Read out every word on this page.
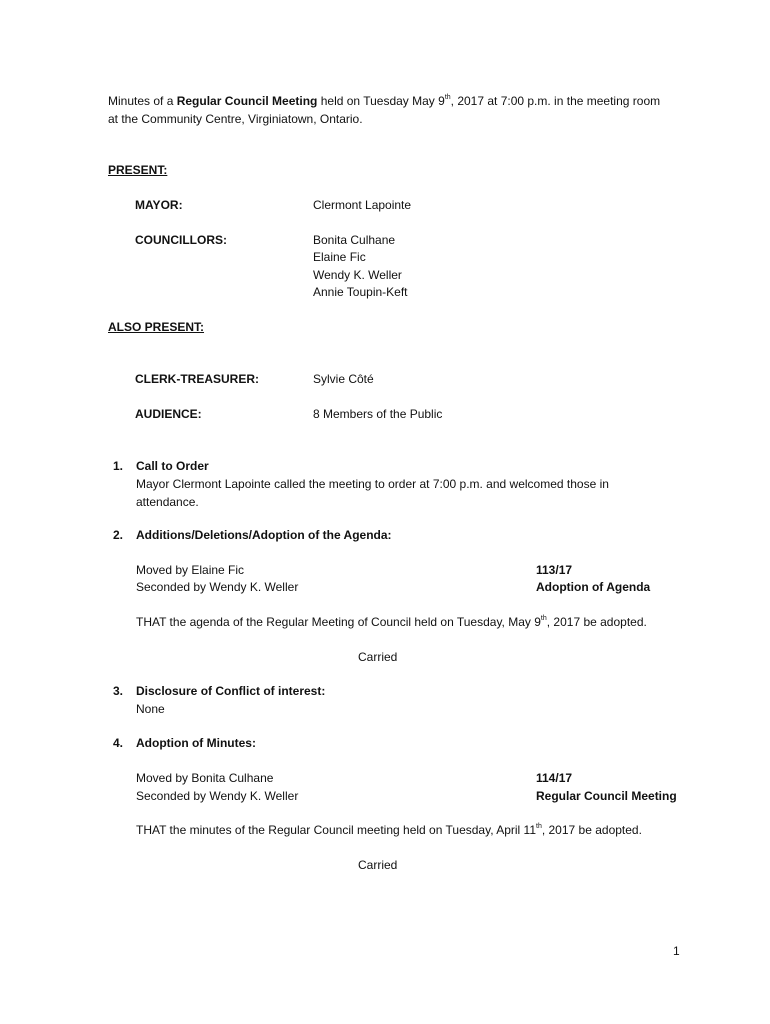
Minutes of a Regular Council Meeting held on Tuesday May 9th, 2017 at 7:00 p.m. in the meeting room at the Community Centre, Virginiatown, Ontario.
PRESENT:
MAYOR:	Clermont Lapointe
COUNCILLORS:	Bonita Culhane
Elaine Fic
Wendy K. Weller
Annie Toupin-Keft
ALSO PRESENT:
CLERK-TREASURER:	Sylvie Côté
AUDIENCE:	8 Members of the Public
1. Call to Order
Mayor Clermont Lapointe called the meeting to order at 7:00 p.m. and welcomed those in attendance.
2. Additions/Deletions/Adoption of the Agenda:
Moved by Elaine Fic	113/17
Seconded by Wendy K. Weller	Adoption of Agenda
THAT the agenda of the Regular Meeting of Council held on Tuesday, May 9th, 2017 be adopted.
Carried
3. Disclosure of Conflict of interest:
None
4. Adoption of Minutes:
Moved by Bonita Culhane	114/17
Seconded by Wendy K. Weller	Regular Council Meeting
THAT the minutes of the Regular Council meeting held on Tuesday, April 11th, 2017 be adopted.
Carried
1
